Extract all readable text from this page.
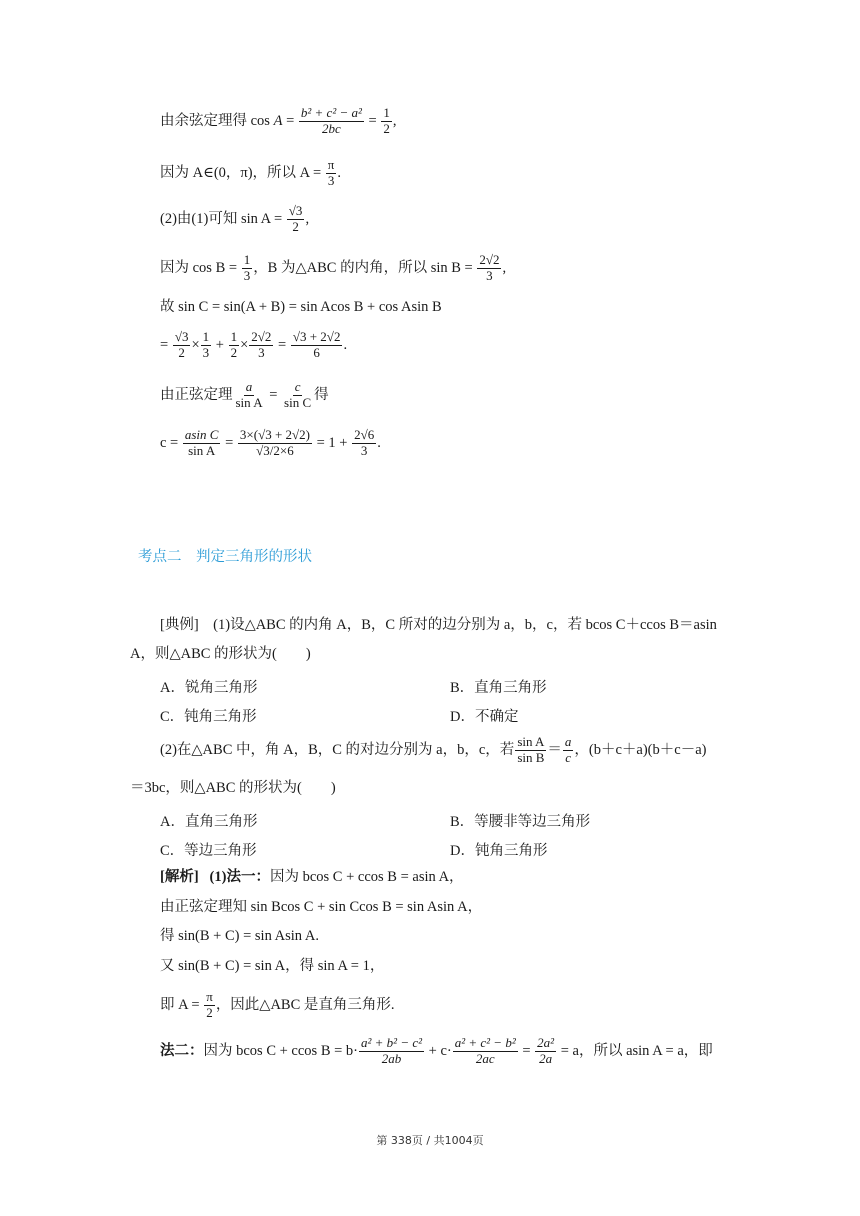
由余弦定理得 $\cos A = \frac{\text{b² + c² − a²}}{2bc} = \frac{1}{2}$ ,
因为 A∈(0，π)，所以 $A = \frac{\pi}{3}$ .
(2)由(1)可知 $\sin A = \frac{√3}{2}$ ,
因为 $\cos B = \frac{1}{3}$ ，B 为△ABC 的内角，所以 $\sin B = \frac{2√2}{3}$ ,
故 sin C = sin(A + B) = sin Acos B + cos Asin B
= $\frac{√3}{2} \times \frac{1}{3} + \frac{1}{2} \times \frac{2√2}{3} = \frac{√3 + 2√2}{6}$ .
由正弦定理 $\frac{a}{\text{sin A}} = \frac{c}{\text{sin C}}$ 得
$c = \frac{\text{asin C}}{\text{sin A}} = \frac{3\times(√3 + 2√2)}{√3/2\times 6} = 1 + \frac{2√6}{3}$ .
考点二　判定三角形的形状
[典例]　(1)设△ABC 的内角 A，B，C 所对的边分别为 a，b，c，若 bcos C＋ccos B＝asin
A，则△ABC 的形状为(　　)
A．锐角三角形	B．直角三角形
C．钝角三角形	D．不确定
(2)在△ABC 中，角 A，B，C 的对边分别为 a，b，c，若 $\frac{\text{sin A}}{\text{sin B}} = \frac{a}{c}$ ，(b＋c＋a)(b＋c－a)
＝3bc，则△ABC 的形状为(　　)
A．直角三角形	B．等腰非等边三角形
C．等边三角形	D．钝角三角形
[解析] (1)法一：因为 bcos C + ccos B = asin A，
由正弦定理知 sin Bcos C + sin Ccos B = sin Asin A，
得 sin(B + C) = sin Asin A.
又 sin(B + C) = sin A，得 sin A = 1，
即 $A = \frac{\pi}{2}$ ，因此△ABC 是直角三角形.
法二：因为 bcos C + ccos $B = b\cdot \frac{\text{a² + b² − c²}}{2ab} + c\cdot \frac{\text{a² + c² − b²}}{2ac} = \frac{\text{2a²}}{2a} = a$，所以 asin A = a，即
第 338页 / 共1004页
